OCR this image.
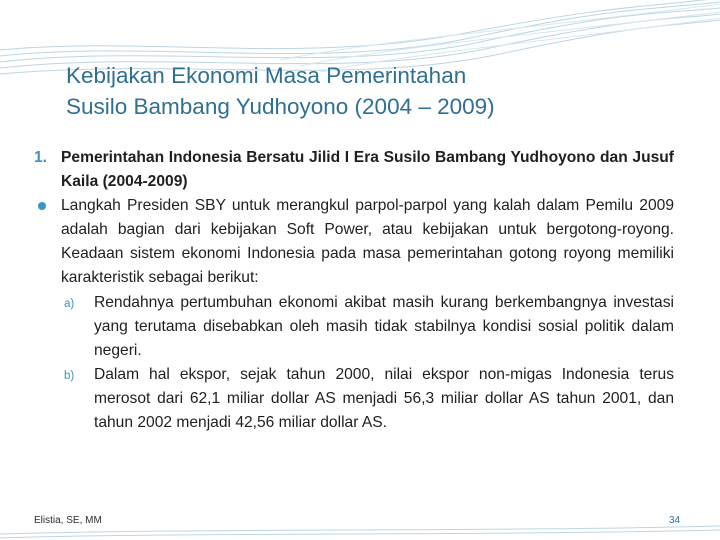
Kebijakan Ekonomi Masa Pemerintahan
Susilo Bambang Yudhoyono (2004 – 2009)
1. Pemerintahan Indonesia Bersatu Jilid I Era Susilo Bambang Yudhoyono dan Jusuf Kaila (2004-2009)
Langkah Presiden SBY untuk merangkul parpol-parpol yang kalah dalam Pemilu 2009 adalah bagian dari kebijakan Soft Power, atau kebijakan untuk bergotong-royong. Keadaan sistem ekonomi Indonesia pada masa pemerintahan gotong royong memiliki karakteristik sebagai berikut:
a) Rendahnya pertumbuhan ekonomi akibat masih kurang berkembangnya investasi yang terutama disebabkan oleh masih tidak stabilnya kondisi sosial politik dalam negeri.
b) Dalam hal ekspor, sejak tahun 2000, nilai ekspor non-migas Indonesia terus merosot dari 62,1 miliar dollar AS menjadi 56,3 miliar dollar AS tahun 2001, dan tahun 2002 menjadi 42,56 miliar dollar AS.
Elistia, SE, MM	34
